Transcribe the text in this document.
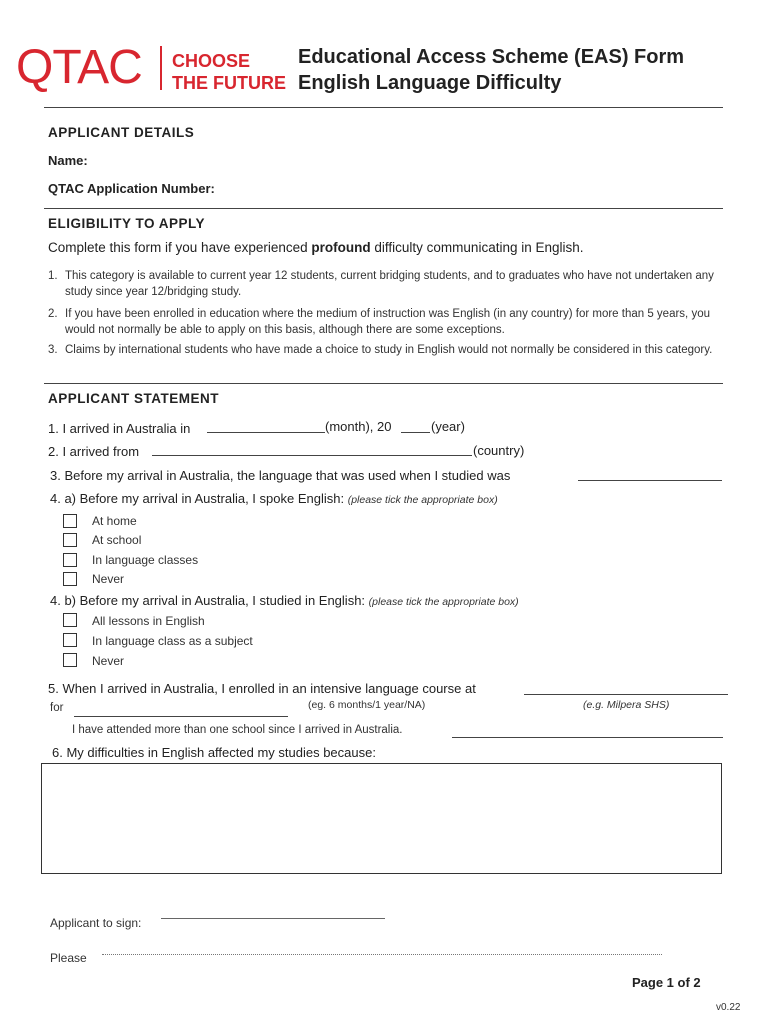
QTAC CHOOSE
THE FUTURE
Educational Access Scheme (EAS) Form
English Language Difficulty
APPLICANT DETAILS
Name:
QTAC Application Number:
ELIGIBILITY TO APPLY
Complete this form if you have experienced profound difficulty communicating in English.
1. This category is available to current year 12 students, current bridging students, and to graduates who have not undertaken any study since year 12/bridging study.
2. If you have been enrolled in education where the medium of instruction was English (in any country) for more than 5 years, you would not normally be able to apply on this basis, although there are some exceptions.
3. Claims by international students who have made a choice to study in English would not normally be considered in this category.
APPLICANT STATEMENT
1. I arrived in Australia in	(month), 20	(year)
2. I arrived from	(country)
3. Before my arrival in Australia, the language that was used when I studied was
4. a) Before my arrival in Australia, I spoke English: (please tick the appropriate box)
At home
At school
In language classes
Never
4. b) Before my arrival in Australia, I studied in English: (please tick the appropriate box)
All lessons in English
In language class as a subject
Never
5. When I arrived in Australia, I enrolled in an intensive language course at
for	(eg. 6 months/1 year/NA)	(e.g. Milpera SHS)
I have attended more than one school since I arrived in Australia.
6. My difficulties in English affected my studies because:
Applicant to sign:
Please
Page 1 of 2
v0.22
